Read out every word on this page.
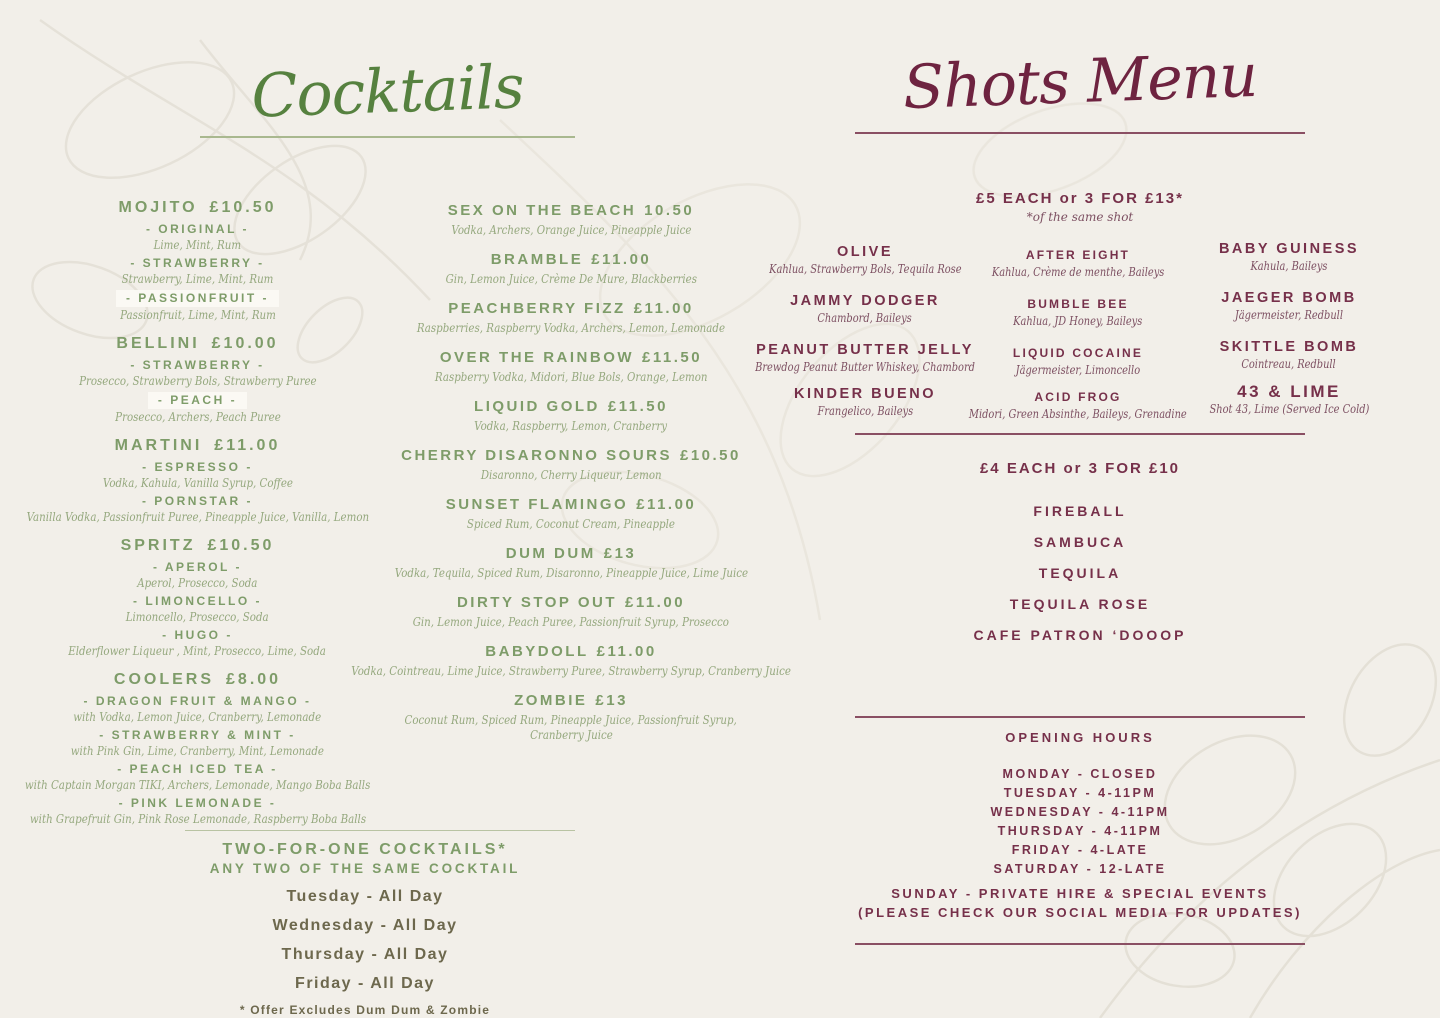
Cocktails
MOJITO £10.50
- ORIGINAL -
Lime, Mint, Rum
- STRAWBERRY -
Strawberry, Lime, Mint, Rum
- PASSIONFRUIT -
Passionfruit, Lime, Mint, Rum
BELLINI £10.00
- STRAWBERRY -
Prosecco, Strawberry Bols, Strawberry Puree
- PEACH -
Prosecco, Archers, Peach Puree
MARTINI £11.00
- ESPRESSO -
Vodka, Kahula, Vanilla Syrup, Coffee
- PORNSTAR -
Vanilla Vodka, Passionfruit Puree, Pineapple Juice, Vanilla, Lemon
SPRITZ £10.50
- APEROL -
Aperol, Prosecco, Soda
- LIMONCELLO -
Limoncello, Prosecco, Soda
- HUGO -
Elderflower Liqueur , Mint, Prosecco, Lime, Soda
COOLERS £8.00
- DRAGON FRUIT & MANGO -
with Vodka, Lemon Juice, Cranberry, Lemonade
- STRAWBERRY & MINT -
with Pink Gin, Lime, Cranberry, Mint, Lemonade
- PEACH ICED TEA -
with Captain Morgan TIKI, Archers, Lemonade, Mango Boba Balls
- PINK LEMONADE -
with Grapefruit Gin, Pink Rose Lemonade, Raspberry Boba Balls
SEX ON THE BEACH 10.50
Vodka, Archers, Orange Juice, Pineapple Juice
BRAMBLE £11.00
Gin, Lemon Juice, Crème De Mure, Blackberries
PEACHBERRY FIZZ £11.00
Raspberries, Raspberry Vodka, Archers, Lemon, Lemonade
OVER THE RAINBOW £11.50
Raspberry Vodka, Midori, Blue Bols, Orange, Lemon
LIQUID GOLD £11.50
Vodka, Raspberry, Lemon, Cranberry
CHERRY DISARONNO SOURS £10.50
Disaronno, Cherry Liqueur, Lemon
SUNSET FLAMINGO £11.00
Spiced Rum, Coconut Cream, Pineapple
DUM DUM £13
Vodka, Tequila, Spiced Rum, Disaronno, Pineapple Juice, Lime Juice
DIRTY STOP OUT £11.00
Gin, Lemon Juice, Peach Puree, Passionfruit Syrup, Prosecco
BABYDOLL £11.00
Vodka, Cointreau, Lime Juice, Strawberry Puree, Strawberry Syrup, Cranberry Juice
ZOMBIE £13
Coconut Rum, Spiced Rum, Pineapple Juice, Passionfruit Syrup,
Cranberry Juice
TWO-FOR-ONE COCKTAILS*
ANY TWO OF THE SAME COCKTAIL
Tuesday - All Day
Wednesday - All Day
Thursday - All Day
Friday - All Day
* Offer Excludes Dum Dum & Zombie
Shots Menu
£5 EACH or 3 FOR £13*
*of the same shot
OLIVE
Kahlua, Strawberry Bols, Tequila Rose
JAMMY DODGER
Chambord, Baileys
PEANUT BUTTER JELLY
Brewdog Peanut Butter Whiskey, Chambord
KINDER BUENO
Frangelico, Baileys
AFTER EIGHT
Kahlua, Crème de menthe, Baileys
BUMBLE BEE
Kahlua, JD Honey, Baileys
LIQUID COCAINE
Jägermeister, Limoncello
ACID FROG
Midori, Green Absinthe, Baileys, Grenadine
BABY GUINESS
Kahula, Baileys
JAEGER BOMB
Jägermeister, Redbull
SKITTLE BOMB
Cointreau, Redbull
43 & LIME
Shot 43, Lime (Served Ice Cold)
£4 EACH or 3 FOR £10
FIREBALL
SAMBUCA
TEQUILA
TEQUILA ROSE
CAFE PATRON ‘DOOOP
OPENING HOURS
MONDAY - CLOSED
TUESDAY - 4-11PM
WEDNESDAY - 4-11PM
THURSDAY - 4-11PM
FRIDAY - 4-LATE
SATURDAY - 12-LATE
SUNDAY - PRIVATE HIRE & SPECIAL EVENTS
(PLEASE CHECK OUR SOCIAL MEDIA FOR UPDATES)
